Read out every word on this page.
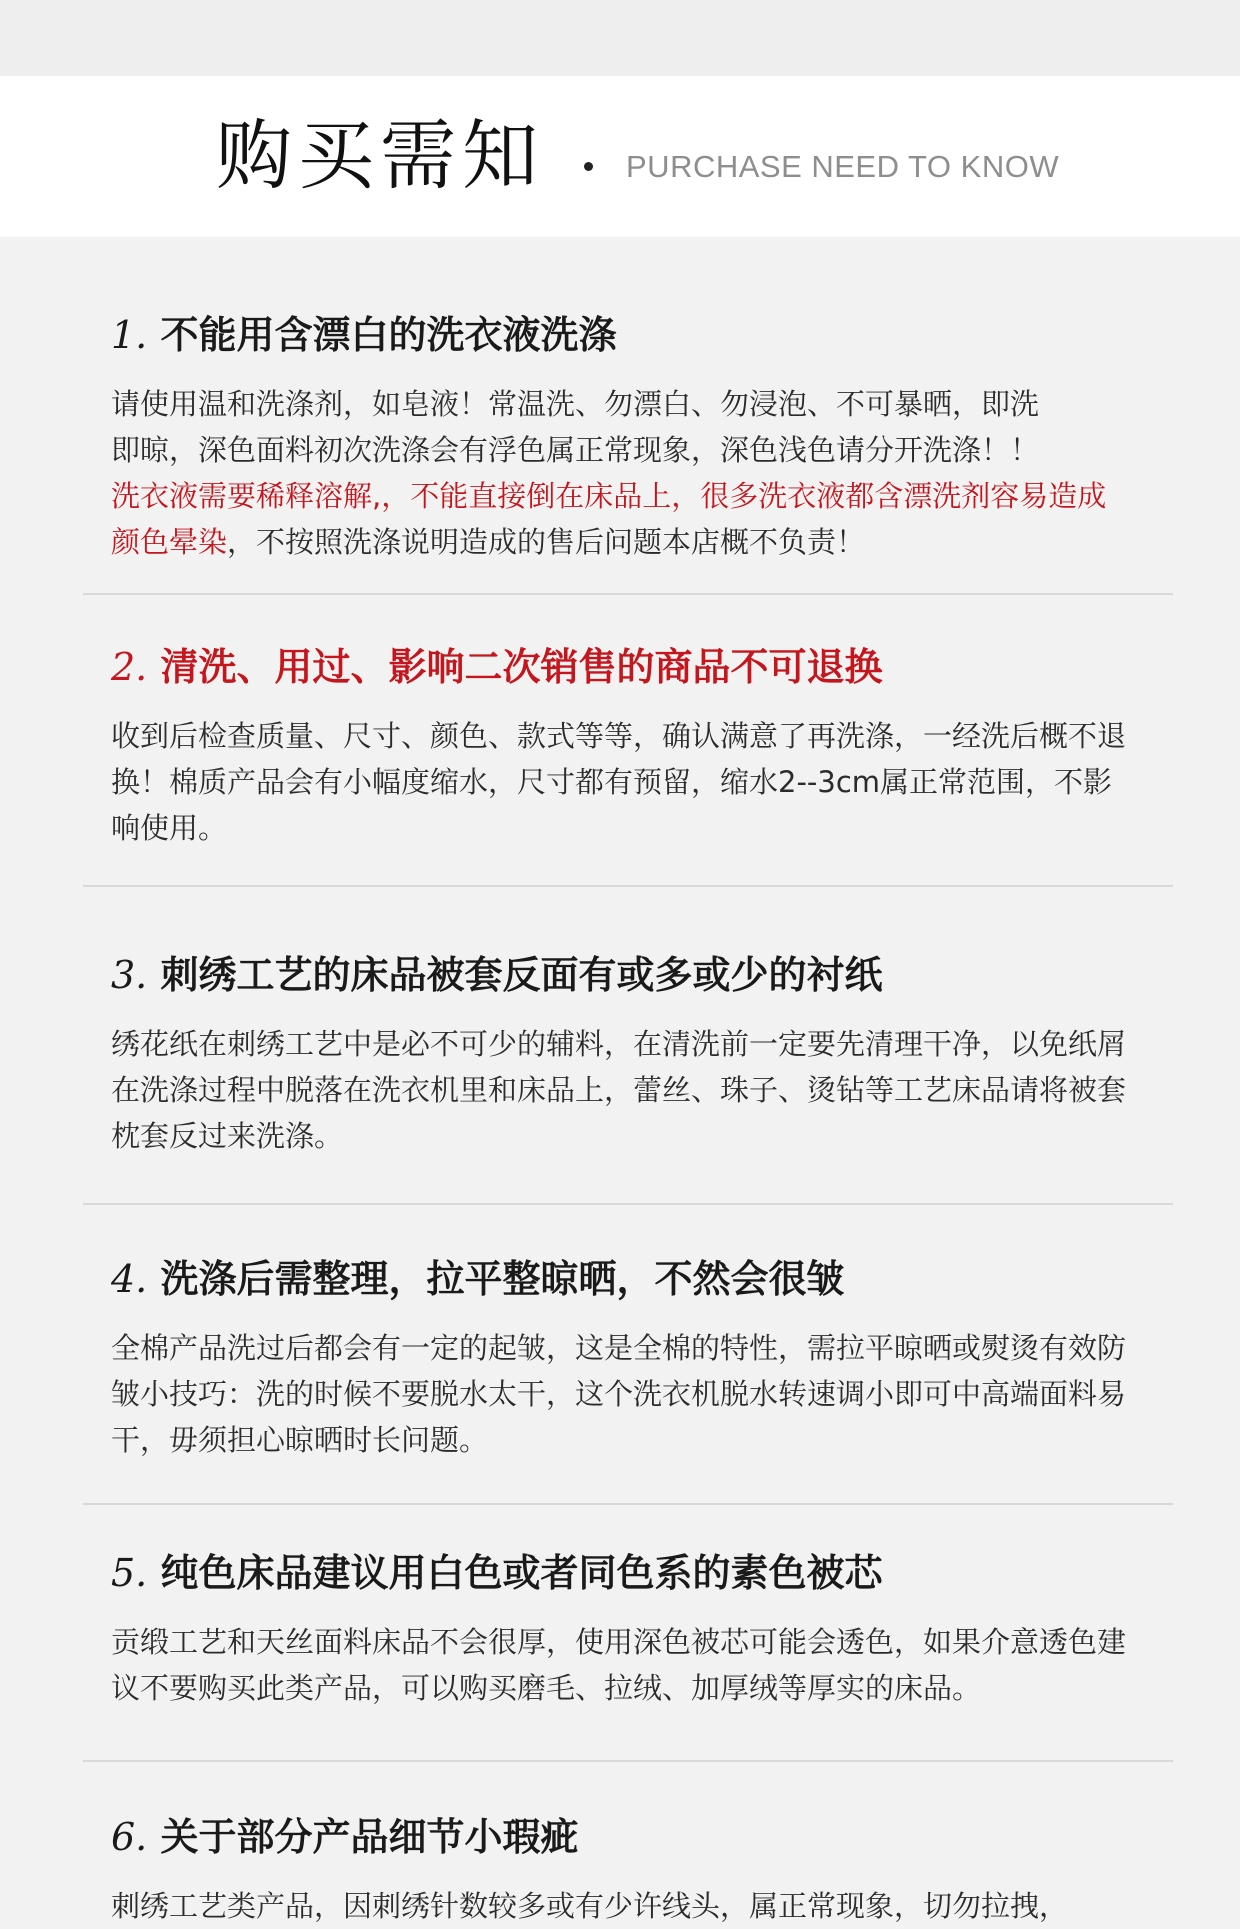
购买需知	PURCHASE NEED TO KNOW
1. 不能用含漂白的洗衣液洗涤
请使用温和洗涤剂，如皂液！常温洗、勿漂白、勿浸泡、不可暴晒，即洗
即晾，深色面料初次洗涤会有浮色属正常现象，深色浅色请分开洗涤！！
洗衣液需要稀释溶解,，不能直接倒在床品上，很多洗衣液都含漂洗剂容易造成颜色晕染，不按照洗涤说明造成的售后问题本店概不负责！
2. 清洗、用过、影响二次销售的商品不可退换
收到后检查质量、尺寸、颜色、款式等等，确认满意了再洗涤，一经洗后概不退换！棉质产品会有小幅度缩水，尺寸都有预留，缩水2--3cm属正常范围，不影响使用。
3. 刺绣工艺的床品被套反面有或多或少的衬纸
绣花纸在刺绣工艺中是必不可少的辅料，在清洗前一定要先清理干净，以免纸屑在洗涤过程中脱落在洗衣机里和床品上，蕾丝、珠子、烫钻等工艺床品请将被套枕套反过来洗涤。
4. 洗涤后需整理，拉平整晾晒，不然会很皱
全棉产品洗过后都会有一定的起皱，这是全棉的特性，需拉平晾晒或熨烫有效防皱小技巧：洗的时候不要脱水太干，这个洗衣机脱水转速调小即可中高端面料易干，毋须担心晾晒时长问题。
5. 纯色床品建议用白色或者同色系的素色被芯
贡缎工艺和天丝面料床品不会很厚，使用深色被芯可能会透色，如果介意透色建议不要购买此类产品，可以购买磨毛、拉绒、加厚绒等厚实的床品。
6. 关于部分产品细节小瑕疵
刺绣工艺类产品，因刺绣针数较多或有少许线头，属正常现象，切勿拉拽，
